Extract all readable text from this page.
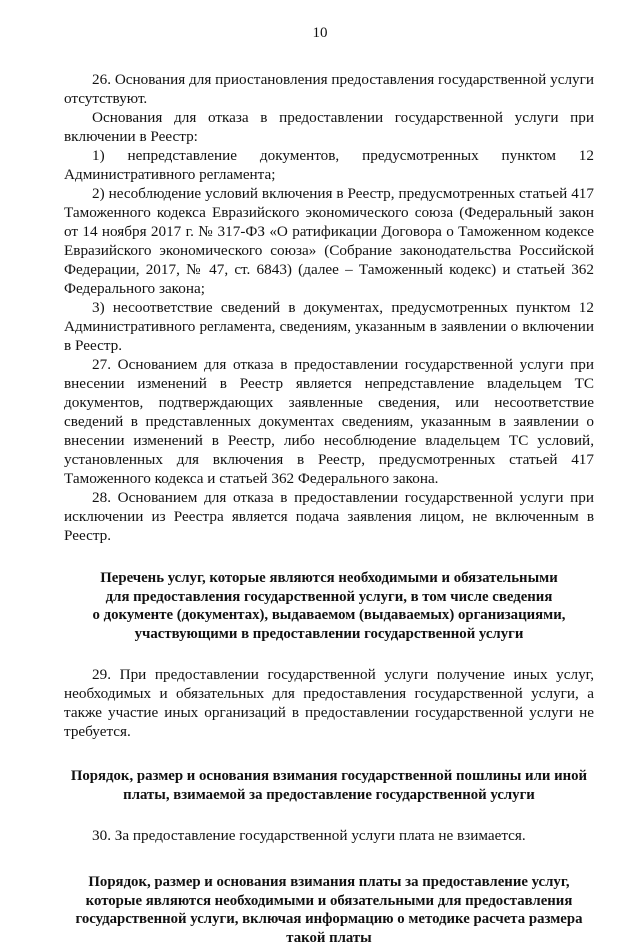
10

26. Основания для приостановления предоставления государственной услуги отсутствуют.

Основания для отказа в предоставлении государственной услуги при включении в Реестр:

1) непредставление документов, предусмотренных пунктом 12 Административного регламента;

2) несоблюдение условий включения в Реестр, предусмотренных статьей 417 Таможенного кодекса Евразийского экономического союза (Федеральный закон от 14 ноября 2017 г. № 317-ФЗ «О ратификации Договора о Таможенном кодексе Евразийского экономического союза» (Собрание законодательства Российской Федерации, 2017, № 47, ст. 6843) (далее – Таможенный кодекс) и статьей 362 Федерального закона;

3) несоответствие сведений в документах, предусмотренных пунктом 12 Административного регламента, сведениям, указанным в заявлении о включении в Реестр.

27. Основанием для отказа в предоставлении государственной услуги при внесении изменений в Реестр является непредставление владельцем ТС документов, подтверждающих заявленные сведения, или несоответствие сведений в представленных документах сведениям, указанным в заявлении о внесении изменений в Реестр, либо несоблюдение владельцем ТС условий, установленных для включения в Реестр, предусмотренных статьей 417 Таможенного кодекса и статьей 362 Федерального закона.

28. Основанием для отказа в предоставлении государственной услуги при исключении из Реестра является подача заявления лицом, не включенным в Реестр.

Перечень услуг, которые являются необходимыми и обязательными

для предоставления государственной услуги, в том числе сведения

о документе (документах), выдаваемом (выдаваемых) организациями,

участвующими в предоставлении государственной услуги

29. При предоставлении государственной услуги получение иных услуг, необходимых и обязательных для предоставления государственной услуги, а также участие иных организаций в предоставлении государственной услуги не требуется.

Порядок, размер и основания взимания государственной пошлины или иной

платы, взимаемой за предоставление государственной услуги

30. За предоставление государственной услуги плата не взимается.

Порядок, размер и основания взимания платы за предоставление услуг,

которые являются необходимыми и обязательными для предоставления

государственной услуги, включая информацию о методике расчета размера

такой платы
